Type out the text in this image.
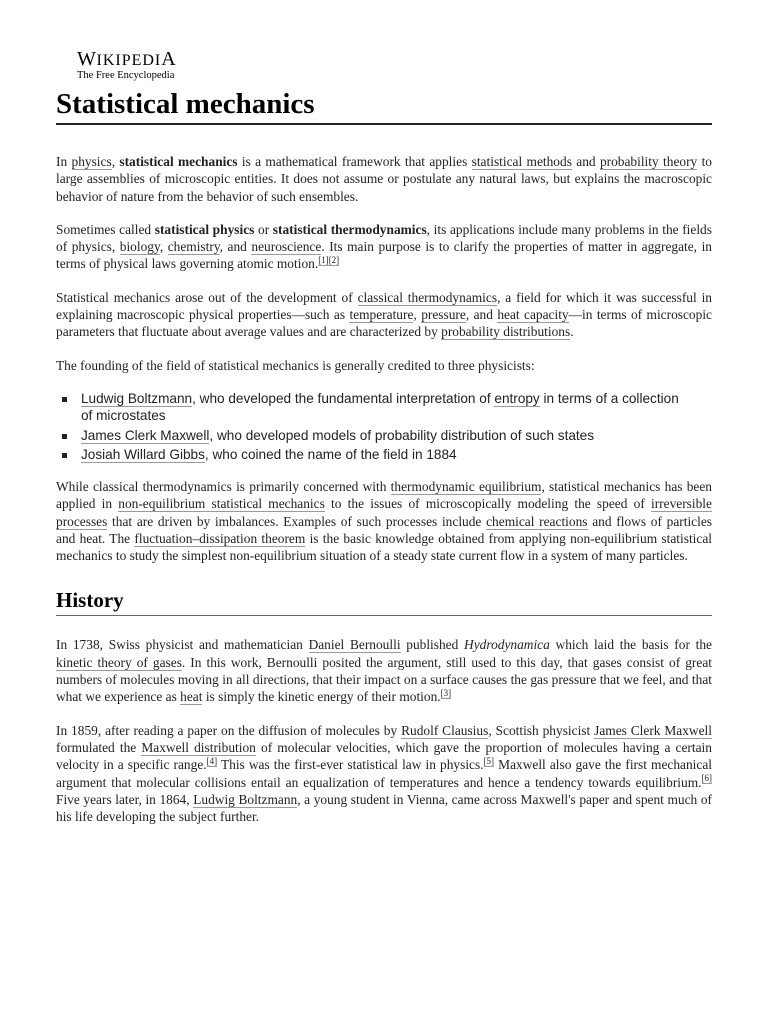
WIKIPEDIA
The Free Encyclopedia
Statistical mechanics

In physics, statistical mechanics is a mathematical framework that applies statistical methods and probability theory to large assemblies of microscopic entities. It does not assume or postulate any natural laws, but explains the macroscopic behavior of nature from the behavior of such ensembles.

Sometimes called statistical physics or statistical thermodynamics, its applications include many problems in the fields of physics, biology, chemistry, and neuroscience. Its main purpose is to clarify the properties of matter in aggregate, in terms of physical laws governing atomic motion.[1][2]

Statistical mechanics arose out of the development of classical thermodynamics, a field for which it was successful in explaining macroscopic physical properties—such as temperature, pressure, and heat capacity—in terms of microscopic parameters that fluctuate about average values and are characterized by probability distributions.

The founding of the field of statistical mechanics is generally credited to three physicists:

Ludwig Boltzmann, who developed the fundamental interpretation of entropy in terms of a collection of microstates
James Clerk Maxwell, who developed models of probability distribution of such states
Josiah Willard Gibbs, who coined the name of the field in 1884

While classical thermodynamics is primarily concerned with thermodynamic equilibrium, statistical mechanics has been applied in non-equilibrium statistical mechanics to the issues of microscopically modeling the speed of irreversible processes that are driven by imbalances. Examples of such processes include chemical reactions and flows of particles and heat. The fluctuation–dissipation theorem is the basic knowledge obtained from applying non-equilibrium statistical mechanics to study the simplest non-equilibrium situation of a steady state current flow in a system of many particles.

History

In 1738, Swiss physicist and mathematician Daniel Bernoulli published Hydrodynamica which laid the basis for the kinetic theory of gases. In this work, Bernoulli posited the argument, still used to this day, that gases consist of great numbers of molecules moving in all directions, that their impact on a surface causes the gas pressure that we feel, and that what we experience as heat is simply the kinetic energy of their motion.[3]

In 1859, after reading a paper on the diffusion of molecules by Rudolf Clausius, Scottish physicist James Clerk Maxwell formulated the Maxwell distribution of molecular velocities, which gave the proportion of molecules having a certain velocity in a specific range.[4] This was the first-ever statistical law in physics.[5] Maxwell also gave the first mechanical argument that molecular collisions entail an equalization of temperatures and hence a tendency towards equilibrium.[6] Five years later, in 1864, Ludwig Boltzmann, a young student in Vienna, came across Maxwell's paper and spent much of his life developing the subject further.
